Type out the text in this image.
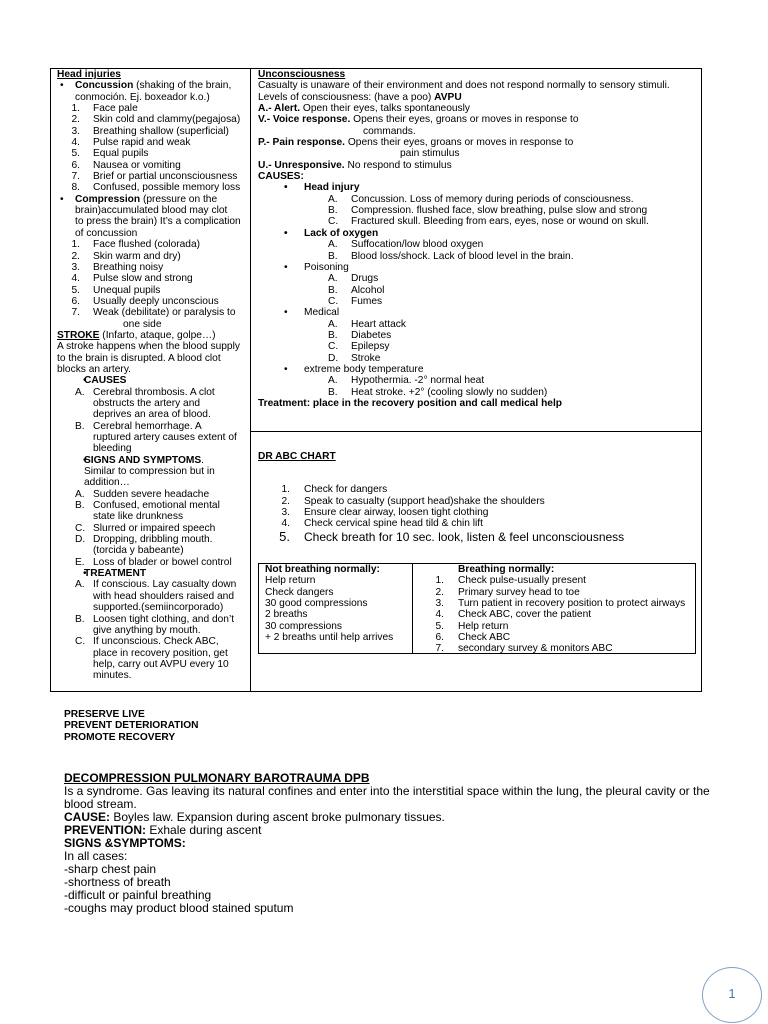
Head injuries
• Concussion (shaking of the brain,
conmoción. Ej. boxeador k.o.)
1. Face pale
2. Skin cold and clammy(pegajosa)
3. Breathing shallow (superficial)
4. Pulse rapid and weak
5. Equal pupils
6. Nausea or vomiting
7. Brief or partial unconsciousness
8. Confused, possible memory loss
• Compression (pressure on the
brain)accumulated blood may clot
to press the brain) It’s a complication
of concussion
1. Face flushed (colorada)
2. Skin warm and dry)
3. Breathing noisy
4. Pulse slow and strong
5. Unequal pupils
6. Usually deeply unconscious
7. Weak (debilitate) or paralysis to
one side
STROKE (Infarto, ataque, golpe…)
A stroke happens when the blood supply
to the brain is disrupted. A blood clot
blocks an artery.
• CAUSES
A. Cerebral thrombosis. A clot
obstructs the artery and
deprives an area of blood.
B. Cerebral hemorrhage. A
ruptured artery causes extent of
bleeding
• SIGNS AND SYMPTOMS.
Similar to compression but in
addition…
A. Sudden severe headache
B. Confused, emotional mental
state like drunkness
C. Slurred or impaired speech
D. Dropping, dribbling mouth.
(torcida y babeante)
E. Loss of blader or bowel control
• TREATMENT
A. If conscious. Lay casualty down
with head shoulders raised and
supported.(semiincorporado)
B. Loosen tight clothing, and don’t
give anything by mouth.
C. If unconscious. Check ABC,
place in recovery position, get
help, carry out AVPU every 10
minutes.
Unconsciousness
Casualty is unaware of their environment and does not respond normally to sensory stimuli.
Levels of consciousness: (have a poo) AVPU
A.- Alert. Open their eyes, talks spontaneously
V.- Voice response. Opens their eyes, groans or moves in response to
commands.
P.- Pain response. Opens their eyes, groans or moves in response to
pain stimulus
U.- Unresponsive. No respond to stimulus
CAUSES:
• Head injury
A. Concussion. Loss of memory during periods of consciousness.
B. Compression. flushed face, slow breathing, pulse slow and strong
C. Fractured skull. Bleeding from ears, eyes, nose or wound on skull.
• Lack of oxygen
A. Suffocation/low blood oxygen
B. Blood loss/shock. Lack of blood level in the brain.
• Poisoning
A. Drugs
B. Alcohol
C. Fumes
• Medical
A. Heart attack
B. Diabetes
C. Epilepsy
D. Stroke
• extreme body temperature
A. Hypothermia. -2° normal heat
B. Heat stroke. +2° (cooling slowly no sudden)
Treatment: place in the recovery position and call medical help
DR ABC CHART
1. Check for dangers
2. Speak to casualty (support head)shake the shoulders
3. Ensure clear airway, loosen tight clothing
4. Check cervical spine head tild & chin lift
5. Check breath for 10 sec. look, listen & feel unconsciousness
Not breathing normally:
Help return
Check dangers
30 good compressions
2 breaths
30 compressions
+ 2 breaths until help arrives
Breathing normally:
1. Check pulse-usually present
2. Primary survey head to toe
3. Turn patient in recovery position to protect airways
4. Check ABC, cover the patient
5. Help return
6. Check ABC
7. secondary survey & monitors ABC
PRESERVE LIVE
PREVENT DETERIORATION
PROMOTE RECOVERY
DECOMPRESSION PULMONARY BAROTRAUMA DPB
Is a syndrome. Gas leaving its natural confines and enter into the interstitial space within the lung, the pleural cavity or the
blood stream.
CAUSE: Boyles law. Expansion during ascent broke pulmonary tissues.
PREVENTION: Exhale during ascent
SIGNS &SYMPTOMS:
In all cases:
-sharp chest pain
-shortness of breath
-difficult or painful breathing
-coughs may product blood stained sputum
1
